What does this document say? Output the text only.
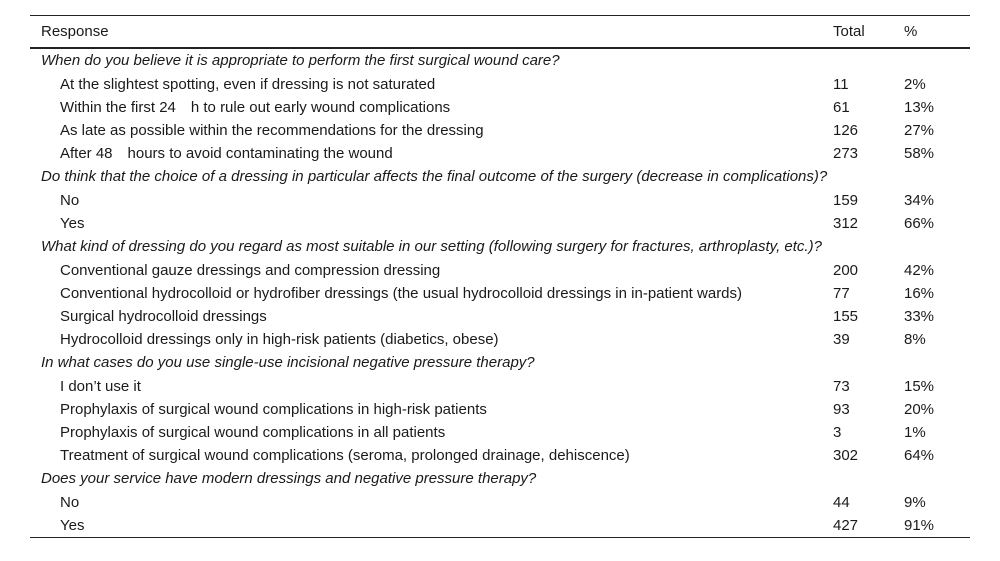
Response	Total	%
When do you believe it is appropriate to perform the first surgical wound care?
At the slightest spotting, even if dressing is not saturated	11	2%
Within the first 24  h to rule out early wound complications	61	13%
As late as possible within the recommendations for the dressing	126	27%
After 48  hours to avoid contaminating the wound	273	58%
Do think that the choice of a dressing in particular affects the final outcome of the surgery (decrease in complications)?
No	159	34%
Yes	312	66%
What kind of dressing do you regard as most suitable in our setting (following surgery for fractures, arthroplasty, etc.)?
Conventional gauze dressings and compression dressing	200	42%
Conventional hydrocolloid or hydrofiber dressings (the usual hydrocolloid dressings in in-patient wards)	77	16%
Surgical hydrocolloid dressings	155	33%
Hydrocolloid dressings only in high-risk patients (diabetics, obese)	39	8%
In what cases do you use single-use incisional negative pressure therapy?
I don’t use it	73	15%
Prophylaxis of surgical wound complications in high-risk patients	93	20%
Prophylaxis of surgical wound complications in all patients	3	1%
Treatment of surgical wound complications (seroma, prolonged drainage, dehiscence)	302	64%
Does your service have modern dressings and negative pressure therapy?
No	44	9%
Yes	427	91%
